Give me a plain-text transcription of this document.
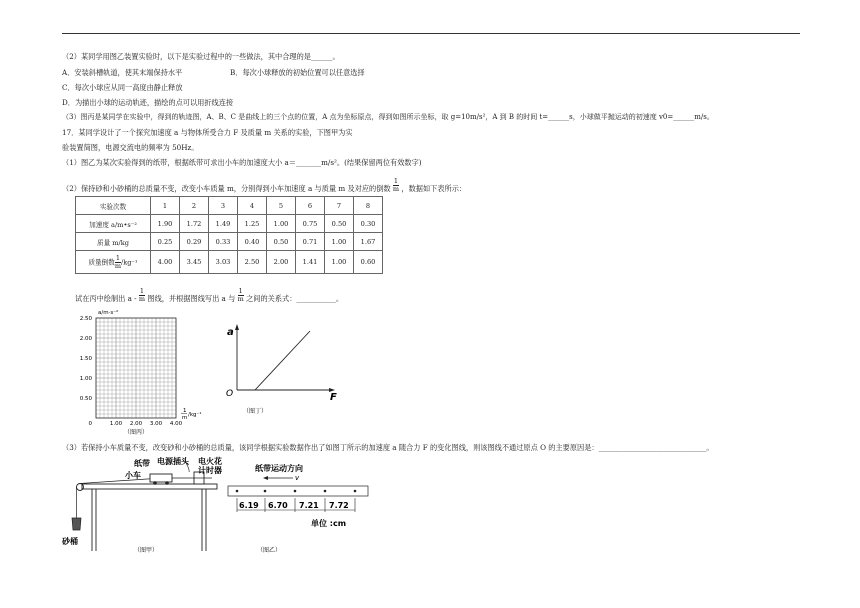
（2）某同学用图乙装置实验时，以下是实验过程中的一些做法，其中合理的是______。
A．安装斜槽轨道，使其末端保持水平	B．每次小球释放的初始位置可以任意选择
C．每次小球应从同一高度由静止释放
D．为描出小球的运动轨迹，描绘的点可以用折线连接
（3）图丙是某同学在实验中，得到的轨迹图，A、B、C 是曲线上的三个点的位置，A 点为坐标原点，得到如图所示坐标，取 g=10m/s²，A 到 B 的时间 t=______s，小球做平抛运动的初速度 v0=______m/s。
17．某同学设计了一个探究加速度 a 与物体所受合力 F 及质量 m 关系的实验，下图甲为实
验装置简图，电源交流电的频率为 50Hz。
（1）图乙为某次实验得到的纸带，根据纸带可求出小车的加速度大小 a＝_______m/s²。(结果保留两位有效数字)
（2）保持砂和小砂桶的总质量不变，改变小车质量 m，分别得到小车加速度 a 与质量 m 及对应的倒数 $\frac{1}{m}$ ，数据如下表所示：
实验次数	1	2	3	4	5	6	7	8
加速度 a/m•s⁻²	1.90	1.72	1.49	1.25	1.00	0.75	0.50	0.30
质量 m/kg	0.25	0.29	0.33	0.40	0.50	0.71	1.00	1.67
质量倒数 $\frac{1}{m} /kg^{-1}$	4.00	3.45	3.03	2.50	2.00	1.41	1.00	0.60
试在丙中绘制出 a - $\frac{1}{m}$ 图线，并根据图线写出 a 与 $\frac{1}{m}$ 之间的关系式：___________。
a/m·s⁻²
0
2.50
2.00
1.50
1.00
0.50
1.00 2.00 3.00 4.00
1
m /kg⁻¹
（图丙）
a
F
O
（图丁）
（3）若保持小车质量不变，改变砂和小砂桶的总质量，该同学根据实验数据作出了如图丁所示的加速度 a 随合力 F 的变化图线，则该图线不通过原点 O 的主要原因是：______________________________。
纸带
小车
电源插头 电火花
计时器
砂桶
（图甲）
纸带运动方向
v
6.19 6.70 7.21 7.72
单位 :cm
（图乙）
